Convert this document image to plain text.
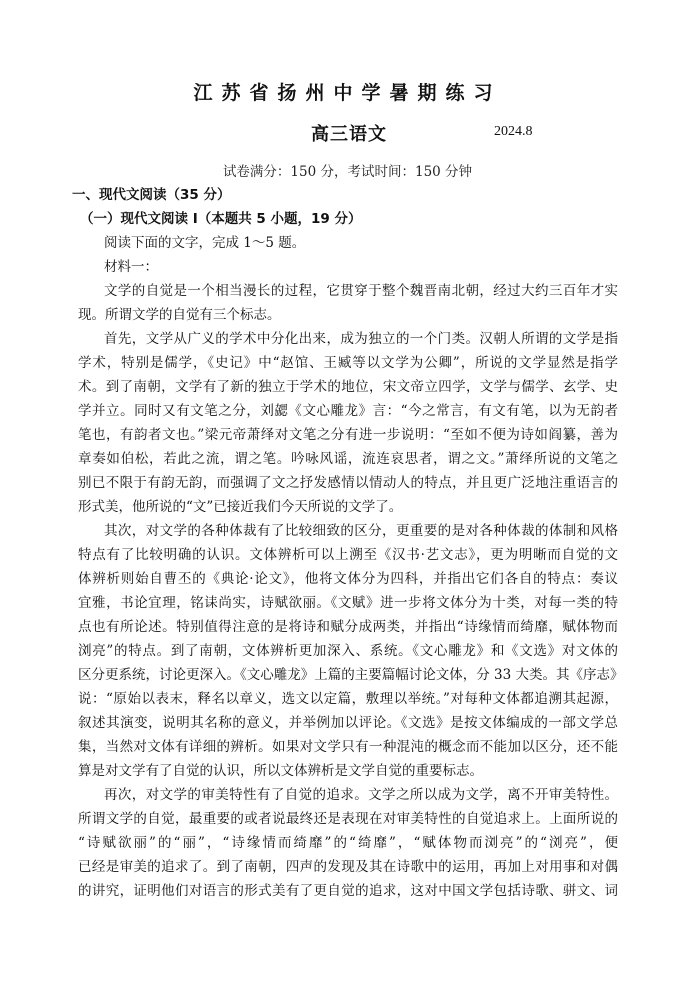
江苏省扬州中学暑期练习
高三语文	2024.8
试卷满分：150 分，考试时间：150 分钟
一、现代文阅读（35 分）
（一）现代文阅读 I（本题共 5 小题，19 分）
阅读下面的文字，完成 1～5 题。
材料一：
文学的自觉是一个相当漫长的过程，它贯穿于整个魏晋南北朝，经过大约三百年才实
现。所谓文学的自觉有三个标志。
首先，文学从广义的学术中分化出来，成为独立的一个门类。汉朝人所谓的文学是指
学术，特别是儒学，《史记》中“赵馆、王臧等以文学为公卿”，所说的文学显然是指学
术。到了南朝，文学有了新的独立于学术的地位，宋文帝立四学，文学与儒学、玄学、史
学并立。同时又有文笔之分，刘勰《文心雕龙》言：“今之常言，有文有笔，以为无韵者
笔也，有韵者文也。”梁元帝萧绎对文笔之分有进一步说明：“至如不便为诗如阎纂，善为
章奏如伯松，若此之流，谓之笔。吟咏风谣，流连哀思者，谓之文。”萧绎所说的文笔之
别已不限于有韵无韵，而强调了文之抒发感情以情动人的特点，并且更广泛地注重语言的
形式美，他所说的“文”已接近我们今天所说的文学了。
其次，对文学的各种体裁有了比较细致的区分，更重要的是对各种体裁的体制和风格
特点有了比较明确的认识。文体辨析可以上溯至《汉书·艺文志》，更为明晰而自觉的文
体辨析则始自曹丕的《典论·论文》，他将文体分为四科，并指出它们各自的特点：奏议
宜雅，书论宜理，铭诔尚实，诗赋欲丽。《文赋》进一步将文体分为十类，对每一类的特
点也有所论述。特别值得注意的是将诗和赋分成两类，并指出“诗缘情而绮靡，赋体物而
浏亮”的特点。到了南朝，文体辨析更加深入、系统。《文心雕龙》和《文选》对文体的
区分更系统，讨论更深入。《文心雕龙》上篇的主要篇幅讨论文体，分 33 大类。其《序志》
说：“原始以表末，释名以章义，选文以定篇，敷理以举统。”对每种文体都追溯其起源，
叙述其演变，说明其名称的意义，并举例加以评论。《文选》是按文体编成的一部文学总
集，当然对文体有详细的辨析。如果对文学只有一种混沌的概念而不能加以区分，还不能
算是对文学有了自觉的认识，所以文体辨析是文学自觉的重要标志。
再次，对文学的审美特性有了自觉的追求。文学之所以成为文学，离不开审美特性。
所谓文学的自觉，最重要的或者说最终还是表现在对审美特性的自觉追求上。上面所说的
“诗赋欲丽”的“丽”，“诗缘情而绮靡”的“绮靡”，“赋体物而浏亮”的“浏亮”，便
已经是审美的追求了。到了南朝，四声的发现及其在诗歌中的运用，再加上对用事和对偶
的讲究，证明他们对语言的形式美有了更自觉的追求，这对中国文学包括诗歌、骈文、词
